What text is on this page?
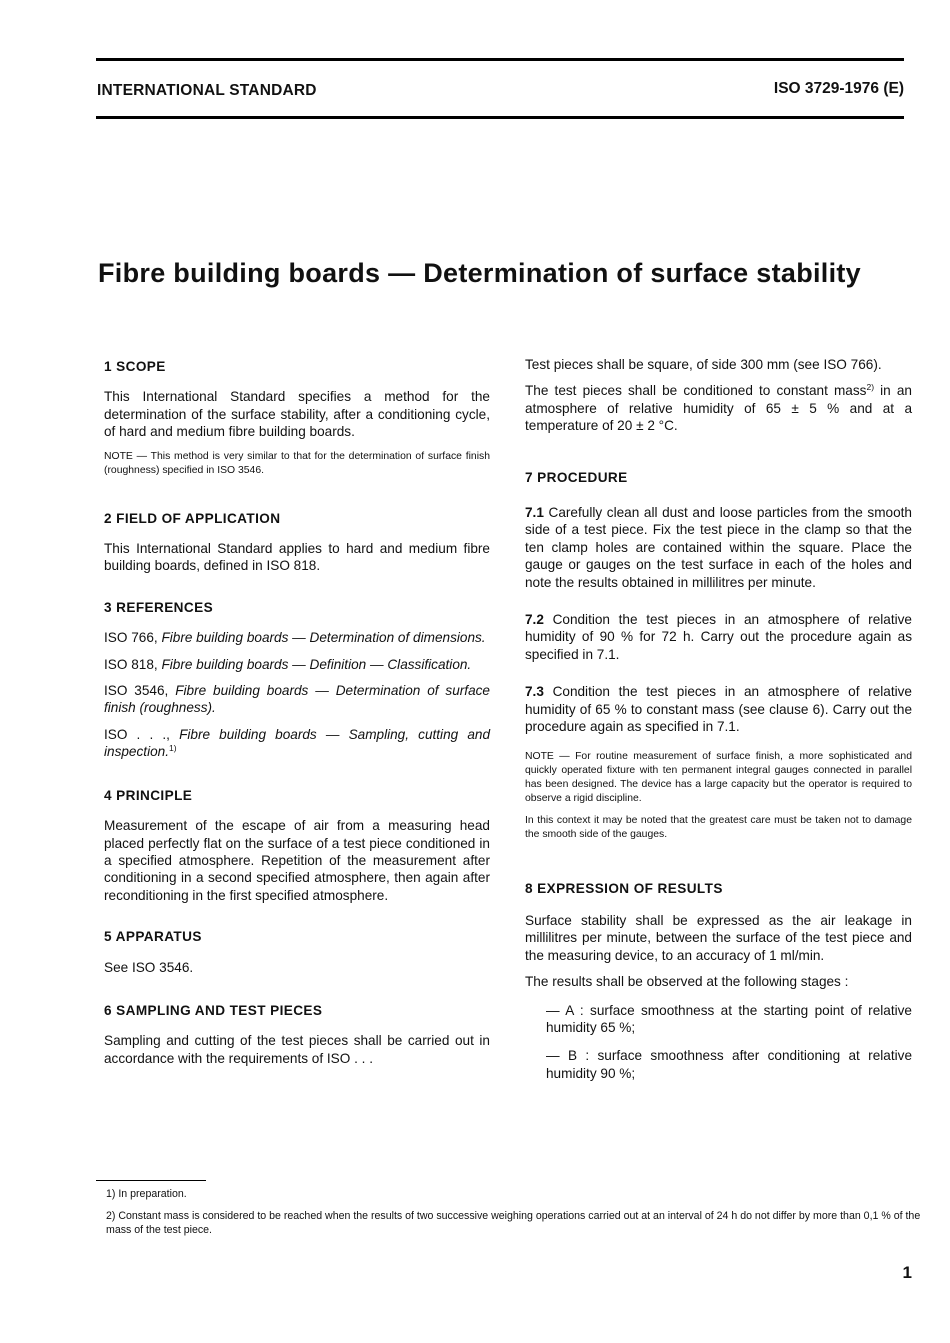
INTERNATIONAL STANDARD	ISO 3729-1976 (E)
Fibre building boards — Determination of surface stability
1 SCOPE
This International Standard specifies a method for the determination of the surface stability, after a conditioning cycle, of hard and medium fibre building boards.
NOTE — This method is very similar to that for the determination of surface finish (roughness) specified in ISO 3546.
2 FIELD OF APPLICATION
This International Standard applies to hard and medium fibre building boards, defined in ISO 818.
3 REFERENCES
ISO 766, Fibre building boards — Determination of dimensions.
ISO 818, Fibre building boards — Definition — Classification.
ISO 3546, Fibre building boards — Determination of surface finish (roughness).
ISO . . ., Fibre building boards — Sampling, cutting and inspection.$^{1)}$
4 PRINCIPLE
Measurement of the escape of air from a measuring head placed perfectly flat on the surface of a test piece conditioned in a specified atmosphere. Repetition of the measurement after conditioning in a second specified atmosphere, then again after reconditioning in the first specified atmosphere.
5 APPARATUS
See ISO 3546.
6 SAMPLING AND TEST PIECES
Sampling and cutting of the test pieces shall be carried out in accordance with the requirements of ISO . . .
Test pieces shall be square, of side 300 mm (see ISO 766).
The test pieces shall be conditioned to constant mass$^{2)}$ in an atmosphere of relative humidity of 65 ± 5 % and at a temperature of 20 ± 2 °C.
7 PROCEDURE
7.1 Carefully clean all dust and loose particles from the smooth side of a test piece. Fix the test piece in the clamp so that the ten clamp holes are contained within the square. Place the gauge or gauges on the test surface in each of the holes and note the results obtained in millilitres per minute.
7.2 Condition the test pieces in an atmosphere of relative humidity of 90 % for 72 h. Carry out the procedure again as specified in 7.1.
7.3 Condition the test pieces in an atmosphere of relative humidity of 65 % to constant mass (see clause 6). Carry out the procedure again as specified in 7.1.
NOTE — For routine measurement of surface finish, a more sophisticated and quickly operated fixture with ten permanent integral gauges connected in parallel has been designed. The device has a large capacity but the operator is required to observe a rigid discipline.
In this context it may be noted that the greatest care must be taken not to damage the smooth side of the gauges.
8 EXPRESSION OF RESULTS
Surface stability shall be expressed as the air leakage in millilitres per minute, between the surface of the test piece and the measuring device, to an accuracy of 1 ml/min.
The results shall be observed at the following stages :
— A : surface smoothness at the starting point of relative humidity 65 %;
— B : surface smoothness after conditioning at relative humidity 90 %;
1) In preparation.
2) Constant mass is considered to be reached when the results of two successive weighing operations carried out at an interval of 24 h do not differ by more than 0,1 % of the mass of the test piece.
1
